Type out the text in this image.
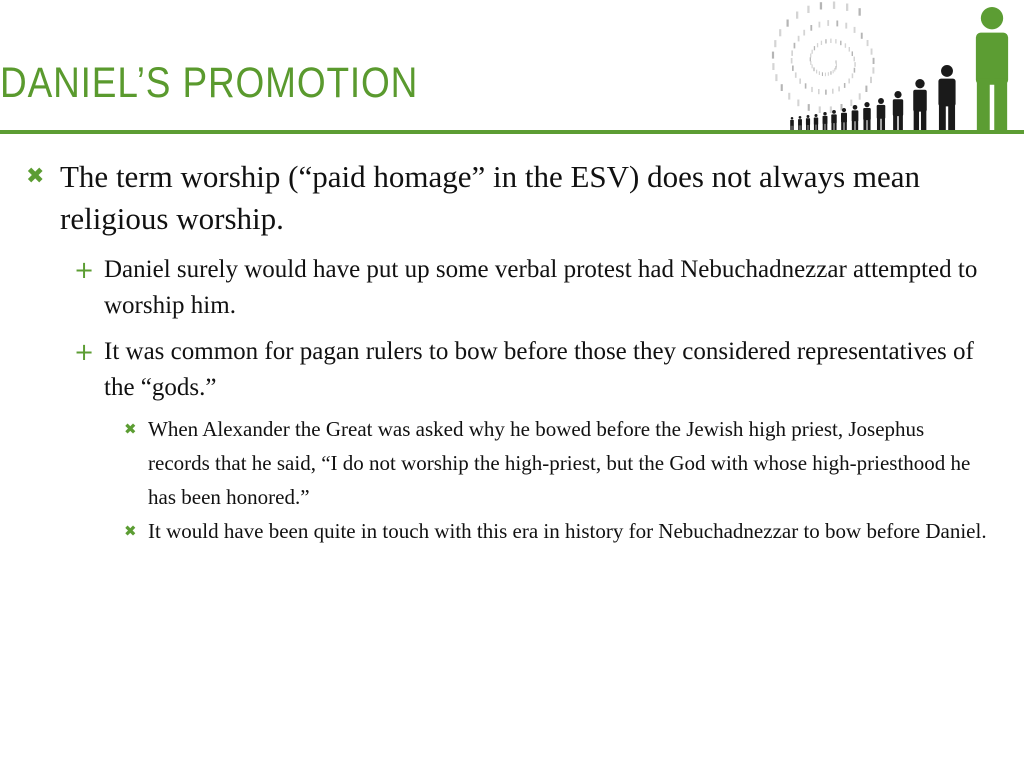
DANIEL’S PROMOTION
✖ The term worship (“paid homage” in the ESV) does not always mean religious worship.
+ Daniel surely would have put up some verbal protest had Nebuchadnezzar attempted to worship him.
+ It was common for pagan rulers to bow before those they considered representatives of the “gods.”
✖ When Alexander the Great was asked why he bowed before the Jewish high priest, Josephus records that he said, “I do not worship the high-priest, but the God with whose high-priesthood he has been honored.”
✖ It would have been quite in touch with this era in history for Nebuchadnezzar to bow before Daniel.
